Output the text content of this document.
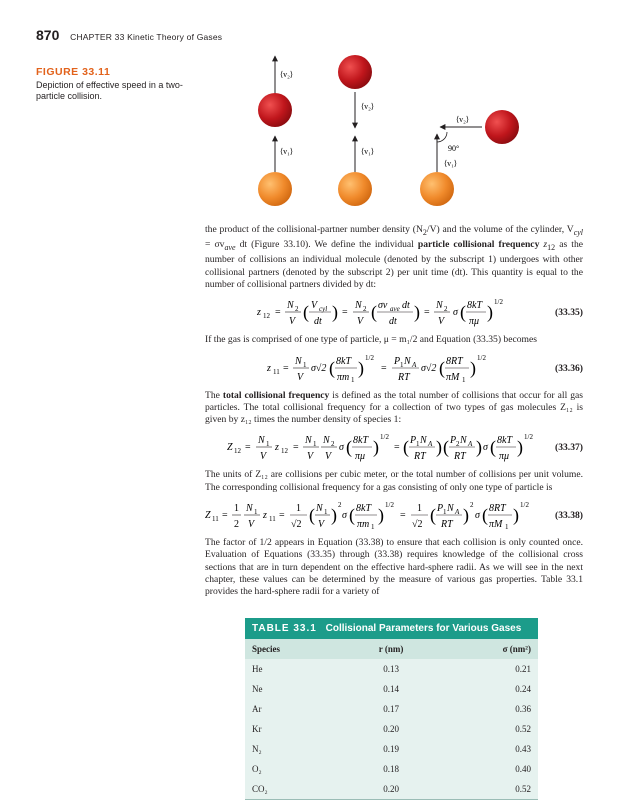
870 CHAPTER 33 Kinetic Theory of Gases
FIGURE 33.11
Depiction of effective speed in a two-particle collision.
⟨v₂⟩
⟨v₁⟩
⟨v₂⟩
⟨v₁⟩
⟨v₂⟩
⟨v₁⟩
90°

the product of the collisional-partner number density $(N_2/V)$ and the volume of the cylinder, $V_{cyl} = \sigma v_{ave}$ dt (Figure 33.10). We define the individual particle collisional frequency $z_{12}$ as the number of collisions an individual molecule (denoted by the subscript 1) undergoes with other collisional partners (denoted by the subscript 2) per unit time (dt). This quantity is equal to the number of collisional partners divided by dt:

z 12 =
N 2
V ( V cyl
dt ) =
N 2
V ( σv ave dt
dt ) =
N 2
V
σ ( 8kT
πμ ) 1/2
(33.35)

If the gas is comprised of one type of particle, μ = m₁/2 and Equation (33.35) becomes

z 11 =
N 1
V
σ√2 ( 8kT
πm 1
) 1/2
=
P 1 N A
RT
σ√2 ( 8RT
πM 1
) 1/2
(33.36)

The total collisional frequency is defined as the total number of collisions that occur for all gas particles. The total collisional frequency for a collection of two types of gas molecules Z₁₂ is given by z₁₂ times the number density of species 1:

Z 12 =
N 1
V
z 12 =
N 1
V
N 2
V
σ ( 8kT
πμ ) 1/2
= ( P 1 N A
RT ) ( P 2 N A
RT ) σ ( 8kT
πμ ) 1/2
(33.37)

The units of Z₁₂ are collisions per cubic meter, or the total number of collisions per unit volume. The corresponding collisional frequency for a gas consisting of only one type of particle is

Z 11 =
1
2
N 1
V
z 11 =
1
√2 ( N 1
V ) 2
σ ( 8kT
πm 1
) 1/2
=
1
√2 ( P 1 N A
RT ) 2
σ ( 8RT
πM 1
) 1/2
(33.38)

The factor of 1/2 appears in Equation (33.38) to ensure that each collision is only counted once. Evaluation of Equations (33.35) through (33.38) requires knowledge of the collisional cross sections that are in turn dependent on the effective hard-sphere radii. As we will see in the next chapter, these values can be determined by the measure of various gas properties. Table 33.1 provides the hard-sphere radii for a variety of

TABLE 33.1 Collisional Parameters for Various Gases
Species	r (nm)	σ (nm²)
He	0.13	0.21
Ne	0.14	0.24
Ar	0.17	0.36
Kr	0.20	0.52
N₂	0.19	0.43
O₂	0.18	0.40
CO₂	0.20	0.52
